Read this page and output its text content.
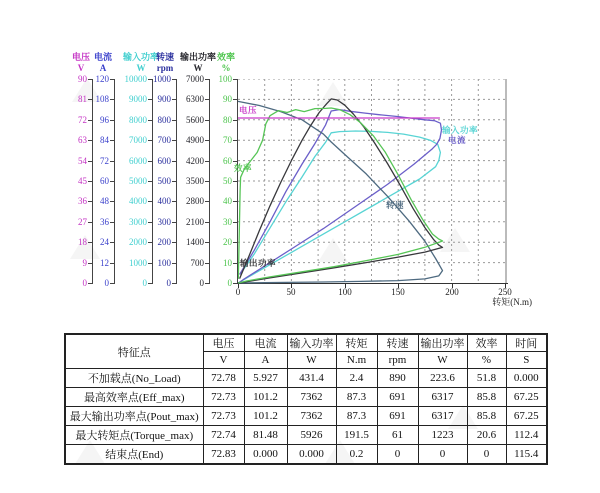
转矩(N.m)
电压
V
0
9
18
27
36
45
54
63
72
81
90
电流
A
0
12
24
36
48
60
72
84
96
108
120
输入功率
W
0
1000
2000
3000
4000
5000
6000
7000
8000
9000
10000
转速
rpm
0
100
200
300
400
500
600
700
800
900
1000
输出功率
W
0
700
1400
2100
2800
3500
4200
4900
5600
6300
7000
效率
%
0
10
20
30
40
50
60
70
80
90
100
0	50	100	150	200	250
电压
输入功率
电流
转速
输出功率
效率
特征点	电压	电流	输入功率	转矩	转速	输出功率	效率	时间
	V	A	W	N.m	rpm	W	%	S
不加载点(No_Load)	72.78	5.927	431.4	2.4	890	223.6	51.8	0.000
最高效率点(Eff_max)	72.73	101.2	7362	87.3	691	6317	85.8	67.25
最大输出功率点(Pout_max)	72.73	101.2	7362	87.3	691	6317	85.8	67.25
最大转矩点(Torque_max)	72.74	81.48	5926	191.5	61	1223	20.6	112.4
结束点(End)	72.83	0.000	0.000	0.2	0	0	0	115.4
